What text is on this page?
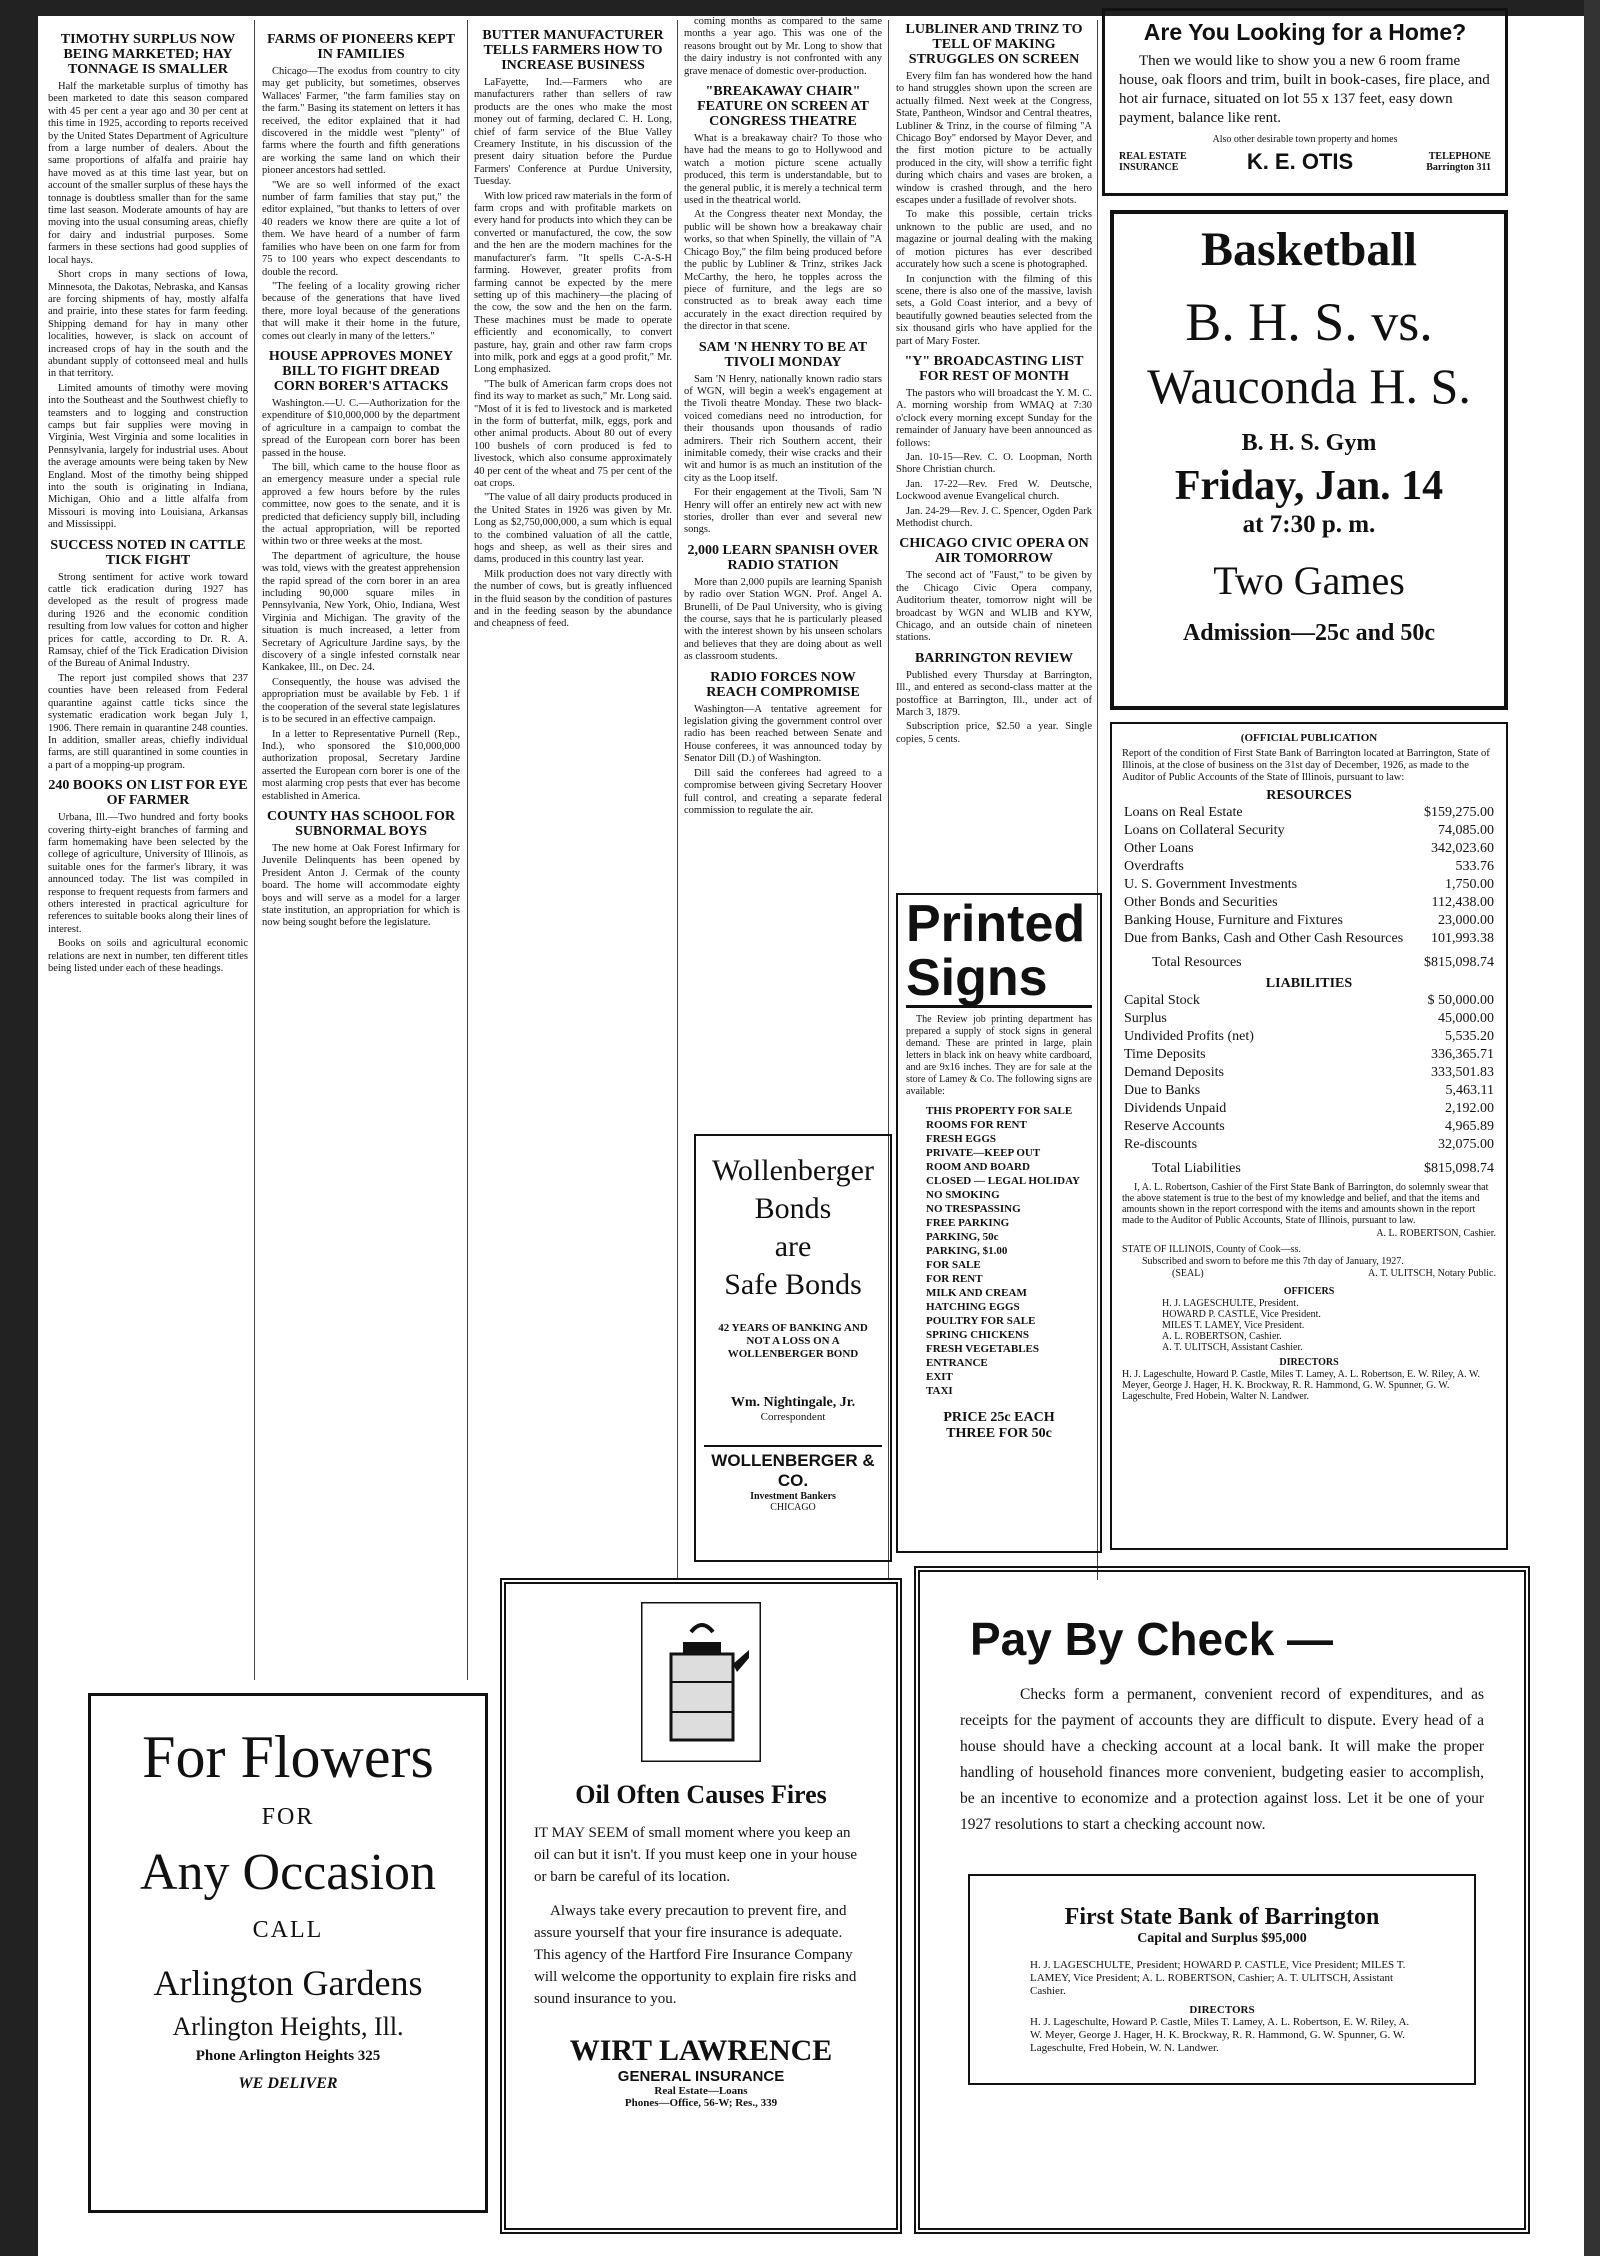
TIMOTHY SURPLUS NOW BEING MARKETED; HAY TONNAGE IS SMALLER

Half the marketable surplus of timothy has been marketed to date this season compared with 45 per cent a year ago and 30 per cent at this time in 1925, according to reports received by the United States Department of Agriculture from a large number of dealers. About the same proportions of alfalfa and prairie hay have moved as at this time last year, but on account of the smaller surplus of these hays the tonnage is doubtless smaller than for the same time last season. Moderate amounts of hay are moving into the usual consuming areas, chiefly for dairy and industrial purposes. Some farmers in these sections had good supplies of local hays.

Short crops in many sections of Iowa, Minnesota, the Dakotas, Nebraska, and Kansas are forcing shipments of hay, mostly alfalfa and prairie, into these states for farm feeding. Shipping demand for hay in many other localities, however, is slack on account of increased crops of hay in the south and the abundant supply of cottonseed meal and hulls in that territory.

Limited amounts of timothy were moving into the Southeast and the Southwest chiefly to teamsters and to logging and construction camps but fair supplies were moving in Virginia, West Virginia and some localities in Pennsylvania, largely for industrial uses. About the average amounts were being taken by New England. Most of the timothy being shipped into the south is originating in Indiana, Michigan, Ohio and a little alfalfa from Missouri is moving into Louisiana, Arkansas and Mississippi.

SUCCESS NOTED IN CATTLE TICK FIGHT

Strong sentiment for active work toward cattle tick eradication during 1927 has developed as the result of progress made during 1926 and the economic condition resulting from low values for cotton and higher prices for cattle, according to Dr. R. A. Ramsay, chief of the Tick Eradication Division of the Bureau of Animal Industry.

The report just compiled shows that 237 counties have been released from Federal quarantine against cattle ticks since the systematic eradication work began July 1, 1906. There remain in quarantine 248 counties. In addition, smaller areas, chiefly individual farms, are still quarantined in some counties in a part of a mopping-up program.

240 BOOKS ON LIST FOR EYE OF FARMER

Urbana, Ill.—Two hundred and forty books covering thirty-eight branches of farming and farm homemaking have been selected by the college of agriculture, University of Illinois, as suitable ones for the farmer's library, it was announced today. The list was compiled in response to frequent requests from farmers and others interested in practical agriculture for references to suitable books along their lines of interest.

Books on soils and agricultural economic relations are next in number, ten different titles being listed under each of these headings.

FARMS OF PIONEERS KEPT IN FAMILIES

Chicago—The exodus from country to city may get publicity, but sometimes, observes Wallaces' Farmer, "the farm families stay on the farm." Basing its statement on letters it has received, the editor explained that it had discovered in the middle west "plenty" of farms where the fourth and fifth generations are working the same land on which their pioneer ancestors had settled.

"We are so well informed of the exact number of farm families that stay put," the editor explained, "but thanks to letters of over 40 readers we know there are quite a lot of them. We have heard of a number of farm families who have been on one farm for from 75 to 100 years who expect descendants to double the record.

"The feeling of a locality growing richer because of the generations that have lived there, more loyal because of the generations that will make it their home in the future, comes out clearly in many of the letters."

HOUSE APPROVES MONEY BILL TO FIGHT DREAD CORN BORER'S ATTACKS

Washington.—U. C.—Authorization for the expenditure of $10,000,000 by the department of agriculture in a campaign to combat the spread of the European corn borer has been passed in the house.

The bill, which came to the house floor as an emergency measure under a special rule approved a few hours before by the rules committee, now goes to the senate, and it is predicted that deficiency supply bill, including the actual appropriation, will be reported within two or three weeks at the most.

The department of agriculture, the house was told, views with the greatest apprehension the rapid spread of the corn borer in an area including 90,000 square miles in Pennsylvania, New York, Ohio, Indiana, West Virginia and Michigan. The gravity of the situation is much increased, a letter from Secretary of Agriculture Jardine says, by the discovery of a single infested cornstalk near Kankakee, Ill., on Dec. 24.

Consequently, the house was advised the appropriation must be available by Feb. 1 if the cooperation of the several state legislatures is to be secured in an effective campaign.

In a letter to Representative Purnell (Rep., Ind.), who sponsored the $10,000,000 authorization proposal, Secretary Jardine asserted the European corn borer is one of the most alarming crop pests that ever has become established in America.

COUNTY HAS SCHOOL FOR SUBNORMAL BOYS

The new home at Oak Forest Infirmary for Juvenile Delinquents has been opened by President Anton J. Cermak of the county board. The home will accommodate eighty boys and will serve as a model for a larger state institution, an appropriation for which is now being sought before the legislature.

BUTTER MANUFACTURER TELLS FARMERS HOW TO INCREASE BUSINESS

LaFayette, Ind.—Farmers who are manufacturers rather than sellers of raw products are the ones who make the most money out of farming, declared C. H. Long, chief of farm service of the Blue Valley Creamery Institute, in his discussion of the present dairy situation before the Purdue Farmers' Conference at Purdue University, Tuesday.

With low priced raw materials in the form of farm crops and with profitable markets on every hand for products into which they can be converted or manufactured, the cow, the sow and the hen are the modern machines for the manufacturer's farm. "It spells C-A-S-H farming. However, greater profits from farming cannot be expected by the mere setting up of this machinery—the placing of the cow, the sow and the hen on the farm. These machines must be made to operate efficiently and economically, to convert pasture, hay, grain and other raw farm crops into milk, pork and eggs at a good profit," Mr. Long emphasized.

"The bulk of American farm crops does not find its way to market as such," Mr. Long said. "Most of it is fed to livestock and is marketed in the form of butterfat, milk, eggs, pork and other animal products. About 80 out of every 100 bushels of corn produced is fed to livestock, which also consume approximately 40 per cent of the wheat and 75 per cent of the oat crops.

"The value of all dairy products produced in the United States in 1926 was given by Mr. Long as $2,750,000,000, a sum which is equal to the combined valuation of all the cattle, hogs and sheep, as well as their sires and dams, produced in this country last year.

Milk production does not vary directly with the number of cows, but is greatly influenced in the fluid season by the condition of pastures and in the feeding season by the abundance and cheapness of feed.

coming months as compared to the same months a year ago. This was one of the reasons brought out by Mr. Long to show that the dairy industry is not confronted with any grave menace of domestic over-production.

"BREAKAWAY CHAIR" FEATURE ON SCREEN AT CONGRESS THEATRE

What is a breakaway chair? To those who have had the means to go to Hollywood and watch a motion picture scene actually produced, this term is understandable, but to the general public, it is merely a technical term used in the theatrical world.

At the Congress theater next Monday, the public will be shown how a breakaway chair works, so that when Spinelly, the villain of "A Chicago Boy," the film being produced before the public by Lubliner & Trinz, strikes Jack McCarthy, the hero, he topples across the piece of furniture, and the legs are so constructed as to break away each time accurately in the exact direction required by the director in that scene.

SAM 'N HENRY TO BE AT TIVOLI MONDAY

Sam 'N Henry, nationally known radio stars of WGN, will begin a week's engagement at the Tivoli theatre Monday. These two black-voiced comedians need no introduction, for their thousands upon thousands of radio admirers. Their rich Southern accent, their inimitable comedy, their wise cracks and their wit and humor is as much an institution of the city as the Loop itself.

For their engagement at the Tivoli, Sam 'N Henry will offer an entirely new act with new stories, droller than ever and several new songs.

2,000 LEARN SPANISH OVER RADIO STATION

More than 2,000 pupils are learning Spanish by radio over Station WGN. Prof. Angel A. Brunelli, of De Paul University, who is giving the course, says that he is particularly pleased with the interest shown by his unseen scholars and believes that they are doing about as well as classroom students.

RADIO FORCES NOW REACH COMPROMISE

Washington—A tentative agreement for legislation giving the government control over radio has been reached between Senate and House conferees, it was announced today by Senator Dill (D.) of Washington.

Dill said the conferees had agreed to a compromise between giving Secretary Hoover full control, and creating a separate federal commission to regulate the air.

LUBLINER AND TRINZ TO TELL OF MAKING STRUGGLES ON SCREEN

Every film fan has wondered how the hand to hand struggles shown upon the screen are actually filmed. Next week at the Congress, State, Pantheon, Windsor and Central theatres, Lubliner & Trinz, in the course of filming "A Chicago Boy" endorsed by Mayor Dever, and the first motion picture to be actually produced in the city, will show a terrific fight during which chairs and vases are broken, a window is crashed through, and the hero escapes under a fusillade of revolver shots.

To make this possible, certain tricks unknown to the public are used, and no magazine or journal dealing with the making of motion pictures has ever described accurately how such a scene is photographed.

In conjunction with the filming of this scene, there is also one of the massive, lavish sets, a Gold Coast interior, and a bevy of beautifully gowned beauties selected from the six thousand girls who have applied for the part of Mary Foster.

"Y" BROADCASTING LIST FOR REST OF MONTH

The pastors who will broadcast the Y. M. C. A. morning worship from WMAQ at 7:30 o'clock every morning except Sunday for the remainder of January have been announced as follows:

Jan. 10-15—Rev. C. O. Loopman, North Shore Christian church.

Jan. 17-22—Rev. Fred W. Deutsche, Lockwood avenue Evangelical church.

Jan. 24-29—Rev. J. C. Spencer, Ogden Park Methodist church.

CHICAGO CIVIC OPERA ON AIR TOMORROW

The second act of "Faust," to be given by the Chicago Civic Opera company, Auditorium theater, tomorrow night will be broadcast by WGN and WLIB and KYW, Chicago, and an outside chain of nineteen stations.

BARRINGTON REVIEW

Published every Thursday at Barrington, Ill., and entered as second-class matter at the postoffice at Barrington, Ill., under act of March 3, 1879.

Subscription price, $2.50 a year. Single copies, 5 cents.

Are You Looking for a Home?
Then we would like to show you a new 6 room frame house, oak floors and trim, built in book-cases, fire place, and hot air furnace, situated on lot 55 x 137 feet, easy down payment, balance like rent.
Also other desirable town property and homes
REAL ESTATE INSURANCE	K. E. OTIS	TELEPHONE Barrington 311
Basketball
B. H. S. vs.
Wauconda H. S.
B. H. S. Gym
Friday, Jan. 14
at 7:30 p. m.
Two Games
Admission—25c and 50c
(OFFICIAL PUBLICATION
Report of the condition of First State Bank of Barrington located at Barrington, State of Illinois, at the close of business on the 31st day of December, 1926, as made to the Auditor of Public Accounts of the State of Illinois, pursuant to law:
RESOURCES
Loans on Real Estate	$159,275.00
Loans on Collateral Security	74,085.00
Other Loans	342,023.60
Overdrafts	533.76
U. S. Government Investments	1,750.00
Other Bonds and Securities	112,438.00
Banking House, Furniture and Fixtures	23,000.00
Due from Banks, Cash and Other Cash Resources	101,993.38
Total Resources	$815,098.74
LIABILITIES
Capital Stock	$ 50,000.00
Surplus	45,000.00
Undivided Profits (net)	5,535.20
Time Deposits	336,365.71
Demand Deposits	333,501.83
Due to Banks	5,463.11
Dividends Unpaid	2,192.00
Reserve Accounts	4,965.89
Re-discounts	32,075.00
Total Liabilities	$815,098.74
I, A. L. Robertson, Cashier of the First State Bank of Barrington, do solemnly swear that the above statement is true to the best of my knowledge and belief, and that the items and amounts shown in the report correspond with the items and amounts shown in the report made to the Auditor of Public Accounts, State of Illinois, pursuant to law.
A. L. ROBERTSON, Cashier.
STATE OF ILLINOIS, County of Cook—ss.
Subscribed and sworn to before me this 7th day of January, 1927.
(SEAL)	A. T. ULITSCH, Notary Public.
OFFICERS
H. J. LAGESCHULTE, President.
HOWARD P. CASTLE, Vice President.
MILES T. LAMEY, Vice President.
A. L. ROBERTSON, Cashier.
A. T. ULITSCH, Assistant Cashier.
DIRECTORS
H. J. Lageschulte, Howard P. Castle, Miles T. Lamey, A. L. Robertson, E. W. Riley, A. W. Meyer, George J. Hager, H. K. Brockway, R. R. Hammond, G. W. Spunner, G. W. Lageschulte, Fred Hobein, Walter N. Landwer.
Printed
Signs
The Review job printing department has prepared a supply of stock signs in general demand. These are printed in large, plain letters in black ink on heavy white cardboard, and are 9x16 inches. They are for sale at the store of Lamey & Co. The following signs are available:
THIS PROPERTY FOR SALE
ROOMS FOR RENT
FRESH EGGS
PRIVATE—KEEP OUT
ROOM AND BOARD
CLOSED — LEGAL HOLIDAY
NO SMOKING
NO TRESPASSING
FREE PARKING
PARKING, 50c
PARKING, $1.00
FOR SALE
FOR RENT
MILK AND CREAM
HATCHING EGGS
POULTRY FOR SALE
SPRING CHICKENS
FRESH VEGETABLES
ENTRANCE
EXIT
TAXI
PRICE 25c EACH
THREE FOR 50c
Wollenberger
Bonds
are
Safe Bonds
42 YEARS OF BANKING AND NOT A LOSS ON A WOLLENBERGER BOND
Wm. Nightingale, Jr.
Correspondent
WOLLENBERGER & CO.
Investment Bankers
CHICAGO
For Flowers
FOR
Any Occasion
CALL
Arlington Gardens
Arlington Heights, Ill.
Phone Arlington Heights 325
WE DELIVER
Oil Often Causes Fires
IT MAY SEEM of small moment where you keep an oil can but it isn't. If you must keep one in your house or barn be careful of its location.
Always take every precaution to prevent fire, and assure yourself that your fire insurance is adequate. This agency of the Hartford Fire Insurance Company will welcome the opportunity to explain fire risks and sound insurance to you.
WIRT LAWRENCE
GENERAL INSURANCE
Real Estate—Loans
Phones—Office, 56-W; Res., 339
Pay By Check —
Checks form a permanent, convenient record of expenditures, and as receipts for the payment of accounts they are difficult to dispute. Every head of a house should have a checking account at a local bank. It will make the proper handling of household finances more convenient, budgeting easier to accomplish, be an incentive to economize and a protection against loss. Let it be one of your 1927 resolutions to start a checking account now.
First State Bank of Barrington
Capital and Surplus $95,000
H. J. LAGESCHULTE, President; HOWARD P. CASTLE, Vice President; MILES T. LAMEY, Vice President; A. L. ROBERTSON, Cashier; A. T. ULITSCH, Assistant Cashier.
DIRECTORS
H. J. Lageschulte, Howard P. Castle, Miles T. Lamey, A. L. Robertson, E. W. Riley, A. W. Meyer, George J. Hager, H. K. Brockway, R. R. Hammond, G. W. Spunner, G. W. Lageschulte, Fred Hobein, W. N. Landwer.
